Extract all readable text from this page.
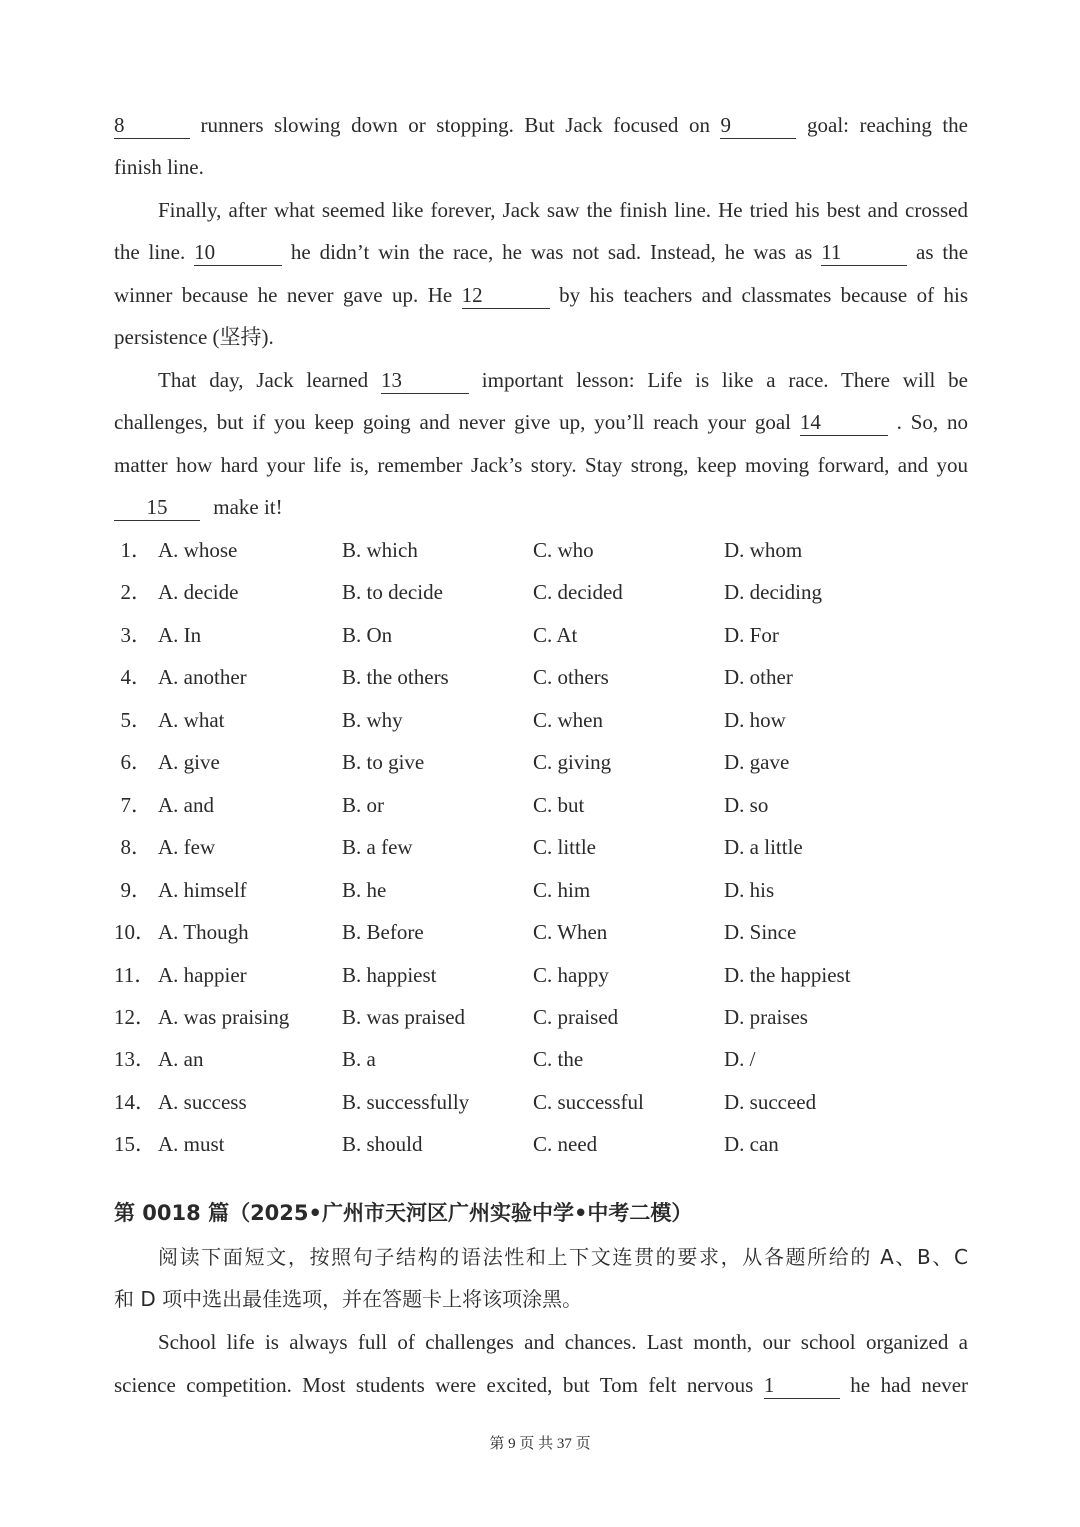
8	runners slowing down or stopping. But Jack focused on 9	goal: reaching the
finish line.
Finally, after what seemed like forever, Jack saw the finish line. He tried his best and crossed
the line. 10	he didn’t win the race, he was not sad. Instead, he was as 11	as the
winner because he never gave up. He 12	by his teachers and classmates because of his
persistence (坚持).
That day, Jack learned 13	important lesson: Life is like a race. There will be
challenges, but if you keep going and never give up, you’ll reach your goal 14	. So, no
matter how hard your life is, remember Jack’s story. Stay strong, keep moving forward, and you
15 make it!
1． A. whose	B. which	C. who	D. whom
2． A. decide	B. to decide	C. decided	D. deciding
3． A. In	B. On	C. At	D. For
4． A. another	B. the others	C. others	D. other
5． A. what	B. why	C. when	D. how
6． A. give	B. to give	C. giving	D. gave
7． A. and	B. or	C. but	D. so
8． A. few	B. a few	C. little	D. a little
9． A. himself	B. he	C. him	D. his
10． A. Though	B. Before	C. When	D. Since
11． A. happier	B. happiest	C. happy	D. the happiest
12． A. was praising	B. was praised	C. praised	D. praises
13． A. an	B. a	C. the	D. /
14． A. success	B. successfully	C. successful	D. succeed
15． A. must	B. should	C. need	D. can
第 0018 篇（2025•广州市天河区广州实验中学•中考二模）
阅读下面短文，按照句子结构的语法性和上下文连贯的要求，从各题所给的 A、B、C
和 D 项中选出最佳选项，并在答题卡上将该项涂黑。
School life is always full of challenges and chances. Last month, our school organized a
science competition. Most students were excited, but Tom felt nervous 1	he had never
第 9 页 共 37 页
